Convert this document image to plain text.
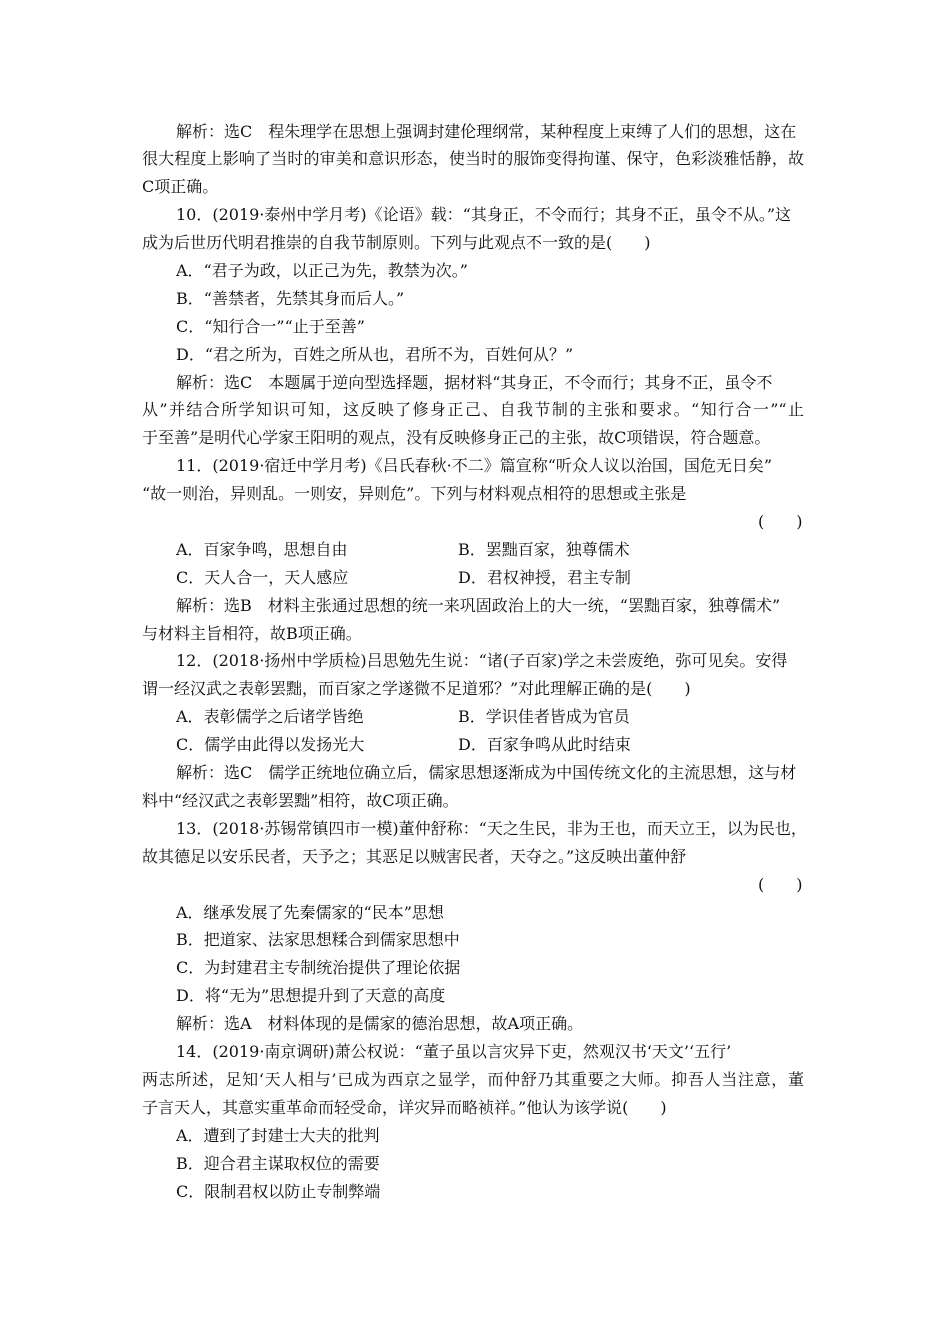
解析：选C　程朱理学在思想上强调封建伦理纲常，某种程度上束缚了人们的思想，这在
很大程度上影响了当时的审美和意识形态，使当时的服饰变得拘谨、保守，色彩淡雅恬静，故
C项正确。
10．(2019·泰州中学月考)《论语》载：“其身正，不令而行；其身不正，虽令不从。”这
成为后世历代明君推崇的自我节制原则。下列与此观点不一致的是(　　)
A．“君子为政，以正己为先，教禁为次。”
B．“善禁者，先禁其身而后人。”
C．“知行合一”“止于至善”
D．“君之所为，百姓之所从也，君所不为，百姓何从？”
解析：选C　本题属于逆向型选择题，据材料“其身正，不令而行；其身不正，虽令不
从”并结合所学知识可知，这反映了修身正己、自我节制的主张和要求。“知行合一”“止
于至善”是明代心学家王阳明的观点，没有反映修身正己的主张，故C项错误，符合题意。
11．(2019·宿迁中学月考)《吕氏春秋·不二》篇宣称“听众人议以治国，国危无日矣”
“故一则治，异则乱。一则安，异则危”。下列与材料观点相符的思想或主张是
(　　)
A．百家争鸣，思想自由	B．罢黜百家，独尊儒术
C．天人合一，天人感应	D．君权神授，君主专制
解析：选B　材料主张通过思想的统一来巩固政治上的大一统，“罢黜百家，独尊儒术”
与材料主旨相符，故B项正确。
12．(2018·扬州中学质检)吕思勉先生说：“诸(子百家)学之未尝废绝，弥可见矣。安得
谓一经汉武之表彰罢黜，而百家之学遂微不足道邪？”对此理解正确的是(　　)
A．表彰儒学之后诸学皆绝	B．学识佳者皆成为官员
C．儒学由此得以发扬光大	D．百家争鸣从此时结束
解析：选C　儒学正统地位确立后，儒家思想逐渐成为中国传统文化的主流思想，这与材
料中“经汉武之表彰罢黜”相符，故C项正确。
13．(2018·苏锡常镇四市一模)董仲舒称：“天之生民，非为王也，而天立王，以为民也，
故其德足以安乐民者，天予之；其恶足以贼害民者，天夺之。”这反映出董仲舒
(　　)
A．继承发展了先秦儒家的“民本”思想
B．把道家、法家思想糅合到儒家思想中
C．为封建君主专制统治提供了理论依据
D．将“无为”思想提升到了天意的高度
解析：选A　材料体现的是儒家的德治思想，故A项正确。
14．(2019·南京调研)萧公权说：“董子虽以言灾异下吏，然观汉书‘天文’‘五行’
两志所述，足知‘天人相与’已成为西京之显学，而仲舒乃其重要之大师。抑吾人当注意，董
子言天人，其意实重革命而轻受命，详灾异而略祯祥。”他认为该学说(　　)
A．遭到了封建士大夫的批判
B．迎合君主谋取权位的需要
C．限制君权以防止专制弊端
